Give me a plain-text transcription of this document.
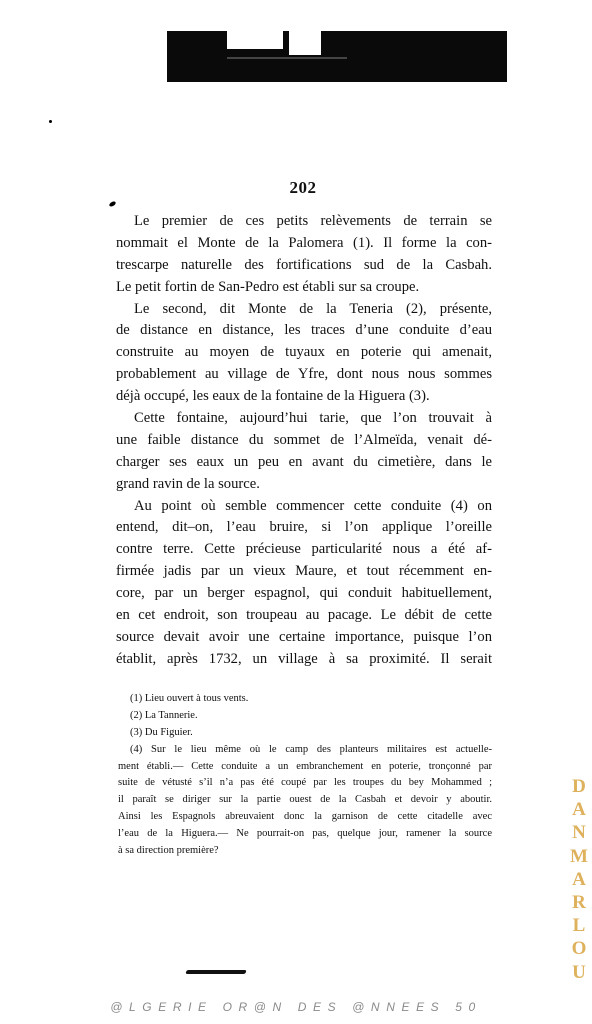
202
Le premier de ces petits relèvements de terrain se
nommait el Monte de la Palomera (1). Il forme la con-
trescarpe naturelle des fortifications sud de la Casbah.
Le petit fortin de San-Pedro est établi sur sa croupe.
Le second, dit Monte de la Teneria (2), présente,
de distance en distance, les traces d’une conduite d’eau
construite au moyen de tuyaux en poterie qui amenait,
probablement au village de Yfre, dont nous nous sommes
déjà occupé, les eaux de la fontaine de la Higuera (3).
Cette fontaine, aujourd’hui tarie, que l’on trouvait à
une faible distance du sommet de l’Almeïda, venait dé-
charger ses eaux un peu en avant du cimetière, dans le
grand ravin de la source.
Au point où semble commencer cette conduite (4) on
entend, dit–on, l’eau bruire, si l’on applique l’oreille
contre terre. Cette précieuse particularité nous a été af-
firmée jadis par un vieux Maure, et tout récemment en-
core, par un berger espagnol, qui conduit habituellement,
en cet endroit, son troupeau au pacage. Le débit de cette
source devait avoir une certaine importance, puisque l’on
établit, après 1732, un village à sa proximité. Il serait
(1) Lieu ouvert à tous vents.
(2) La Tannerie.
(3) Du Figuier.
(4) Sur le lieu même où le camp des planteurs militaires est actuelle-
ment établi.— Cette conduite a un embranchement en poterie, tronçonné par
suite de vétusté s’il n’a pas été coupé par les troupes du bey Mohammed ;
il paraît se diriger sur la partie ouest de la Casbah et devoir y aboutir.
Ainsi les Espagnols abreuvaient donc la garnison de cette citadelle avec
l’eau de la Higuera.— Ne pourrait-on pas, quelque jour, ramener la source
à sa direction première?
D
A
N
M
A
R
L
O
U
@LGERIE OR@N DES @NNEES 50
